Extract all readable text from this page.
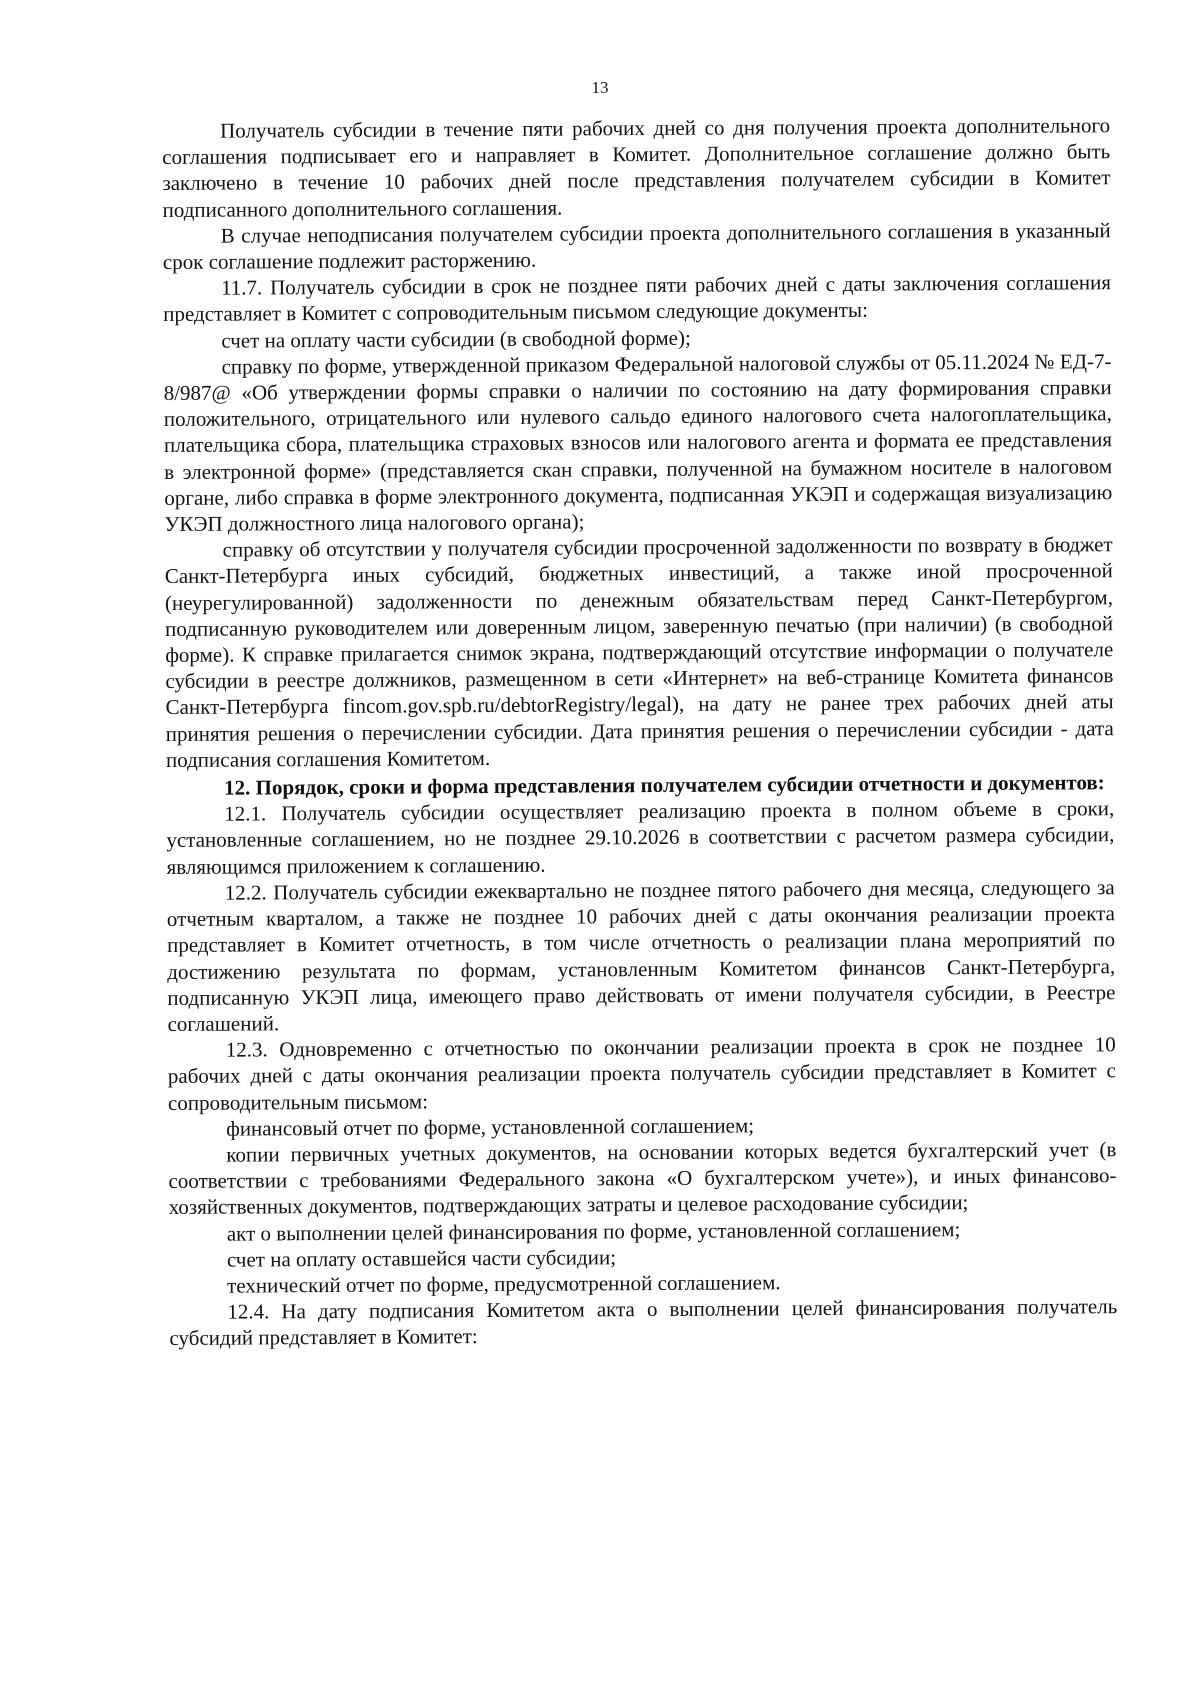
13

Получатель субсидии в течение пяти рабочих дней со дня получения проекта дополнительного соглашения подписывает его и направляет в Комитет. Дополнительное соглашение должно быть заключено в течение 10 рабочих дней после представления получателем субсидии в Комитет подписанного дополнительного соглашения.

В случае неподписания получателем субсидии проекта дополнительного соглашения в указанный срок соглашение подлежит расторжению.

11.7. Получатель субсидии в срок не позднее пяти рабочих дней с даты заключения соглашения представляет в Комитет с сопроводительным письмом следующие документы:

счет на оплату части субсидии (в свободной форме);

справку по форме, утвержденной приказом Федеральной налоговой службы от 05.11.2024 № ЕД-7-8/987@ «Об утверждении формы справки о наличии по состоянию на дату формирования справки положительного, отрицательного или нулевого сальдо единого налогового счета налогоплательщика, плательщика сбора, плательщика страховых взносов или налогового агента и формата ее представления в электронной форме» (представляется скан справки, полученной на бумажном носителе в налоговом органе, либо справка в форме электронного документа, подписанная УКЭП и содержащая визуализацию УКЭП должностного лица налогового органа);

справку об отсутствии у получателя субсидии просроченной задолженности по возврату в бюджет Санкт-Петербурга иных субсидий, бюджетных инвестиций, а также иной просроченной (неурегулированной) задолженности по денежным обязательствам перед Санкт-Петербургом, подписанную руководителем или доверенным лицом, заверенную печатью (при наличии) (в свободной форме). К справке прилагается снимок экрана, подтверждающий отсутствие информации о получателе субсидии в реестре должников, размещенном в сети «Интернет» на веб-странице Комитета финансов Санкт-Петербурга fincom.gov.spb.ru/debtorRegistry/legal), на дату не ранее трех рабочих дней аты принятия решения о перечислении субсидии. Дата принятия решения о перечислении субсидии - дата подписания соглашения Комитетом.

12. Порядок, сроки и форма представления получателем субсидии отчетности и документов:

12.1. Получатель субсидии осуществляет реализацию проекта в полном объеме в сроки, установленные соглашением, но не позднее 29.10.2026 в соответствии с расчетом размера субсидии, являющимся приложением к соглашению.

12.2. Получатель субсидии ежеквартально не позднее пятого рабочего дня месяца, следующего за отчетным кварталом, а также не позднее 10 рабочих дней с даты окончания реализации проекта представляет в Комитет отчетность, в том числе отчетность о реализации плана мероприятий по достижению результата по формам, установленным Комитетом финансов Санкт-Петербурга, подписанную УКЭП лица, имеющего право действовать от имени получателя субсидии, в Реестре соглашений.

12.3. Одновременно с отчетностью по окончании реализации проекта в срок не позднее 10 рабочих дней с даты окончания реализации проекта получатель субсидии представляет в Комитет с сопроводительным письмом:

финансовый отчет по форме, установленной соглашением;

копии первичных учетных документов, на основании которых ведется бухгалтерский учет (в соответствии с требованиями Федерального закона «О бухгалтерском учете»), и иных финансово-хозяйственных документов, подтверждающих затраты и целевое расходование субсидии;

акт о выполнении целей финансирования по форме, установленной соглашением;

счет на оплату оставшейся части субсидии;

технический отчет по форме, предусмотренной соглашением.

12.4. На дату подписания Комитетом акта о выполнении целей финансирования получатель субсидий представляет в Комитет:
